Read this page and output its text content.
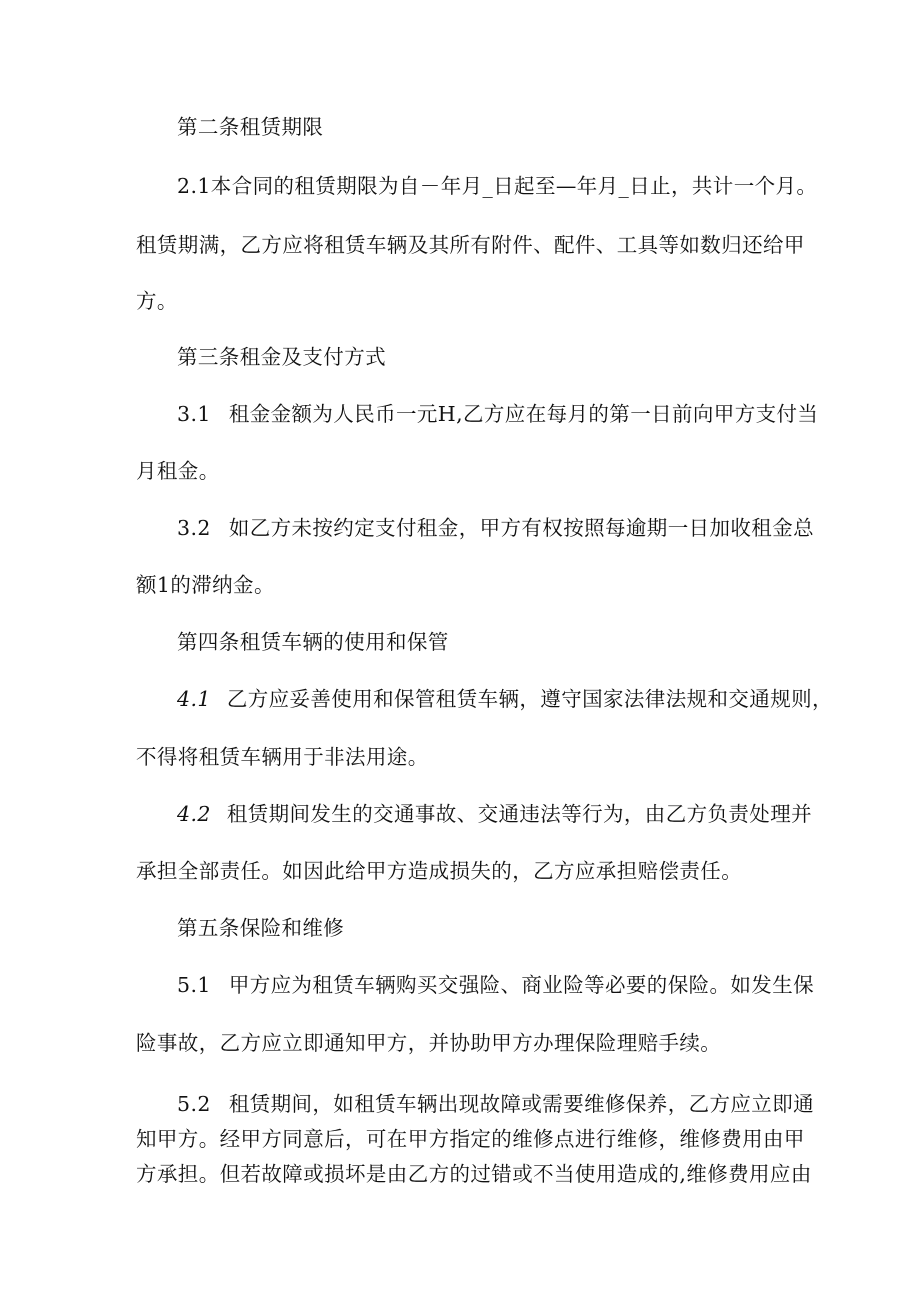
第二条租赁期限
2.1本合同的租赁期限为自－年月_日起至—年月_日止，共计一个月。
租赁期满，乙方应将租赁车辆及其所有附件、配件、工具等如数归还给甲
方。
第三条租金及支付方式
3.1 租金金额为人民币一元H,乙方应在每月的第一日前向甲方支付当
月租金。
3.2 如乙方未按约定支付租金，甲方有权按照每逾期一日加收租金总
额1的滞纳金。
第四条租赁车辆的使用和保管
4.1 乙方应妥善使用和保管租赁车辆，遵守国家法律法规和交通规则，
不得将租赁车辆用于非法用途。
4.2 租赁期间发生的交通事故、交通违法等行为，由乙方负责处理并
承担全部责任。如因此给甲方造成损失的，乙方应承担赔偿责任。
第五条保险和维修
5.1 甲方应为租赁车辆购买交强险、商业险等必要的保险。如发生保
险事故，乙方应立即通知甲方，并协助甲方办理保险理赔手续。
5.2 租赁期间，如租赁车辆出现故障或需要维修保养，乙方应立即通
知甲方。经甲方同意后，可在甲方指定的维修点进行维修，维修费用由甲
方承担。但若故障或损坏是由乙方的过错或不当使用造成的,维修费用应由
